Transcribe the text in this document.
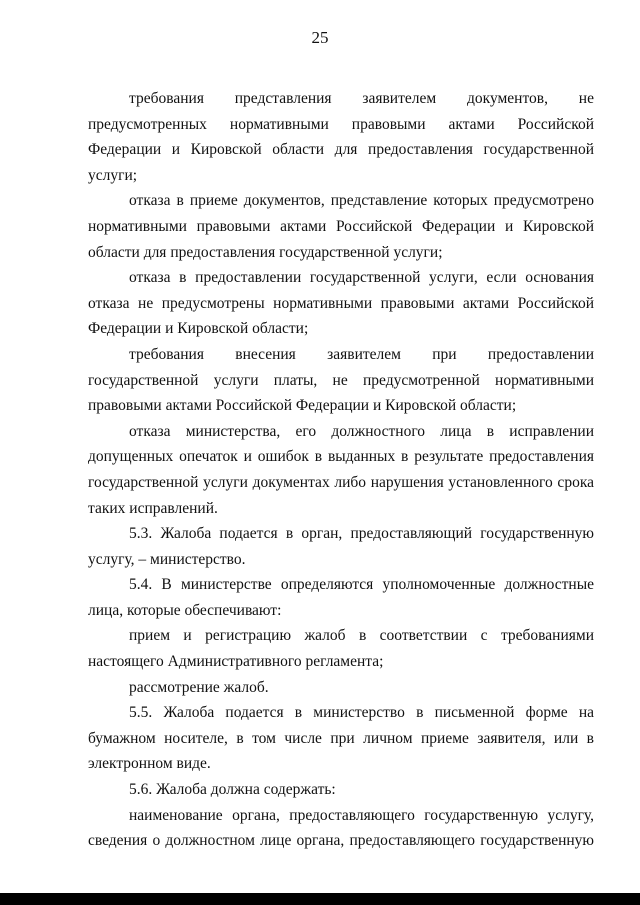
25

требования представления заявителем документов, не предусмотренных нормативными правовыми актами Российской Федерации и Кировской области для предоставления государственной услуги;

отказа в приеме документов, представление которых предусмотрено нормативными правовыми актами Российской Федерации и Кировской области для предоставления государственной услуги;

отказа в предоставлении государственной услуги, если основания отказа не предусмотрены нормативными правовыми актами Российской Федерации и Кировской области;

требования внесения заявителем при предоставлении государственной услуги платы, не предусмотренной нормативными правовыми актами Российской Федерации и Кировской области;

отказа министерства, его должностного лица в исправлении допущенных опечаток и ошибок в выданных в результате предоставления государственной услуги документах либо нарушения установленного срока таких исправлений.

5.3. Жалоба подается в орган, предоставляющий государственную услугу, – министерство.

5.4. В министерстве определяются уполномоченные должностные лица, которые обеспечивают:

прием и регистрацию жалоб в соответствии с требованиями настоящего Административного регламента;

рассмотрение жалоб.

5.5. Жалоба подается в министерство в письменной форме на бумажном носителе, в том числе при личном приеме заявителя, или в электронном виде.

5.6. Жалоба должна содержать:

наименование органа, предоставляющего государственную услугу, сведения о должностном лице органа, предоставляющего государственную
